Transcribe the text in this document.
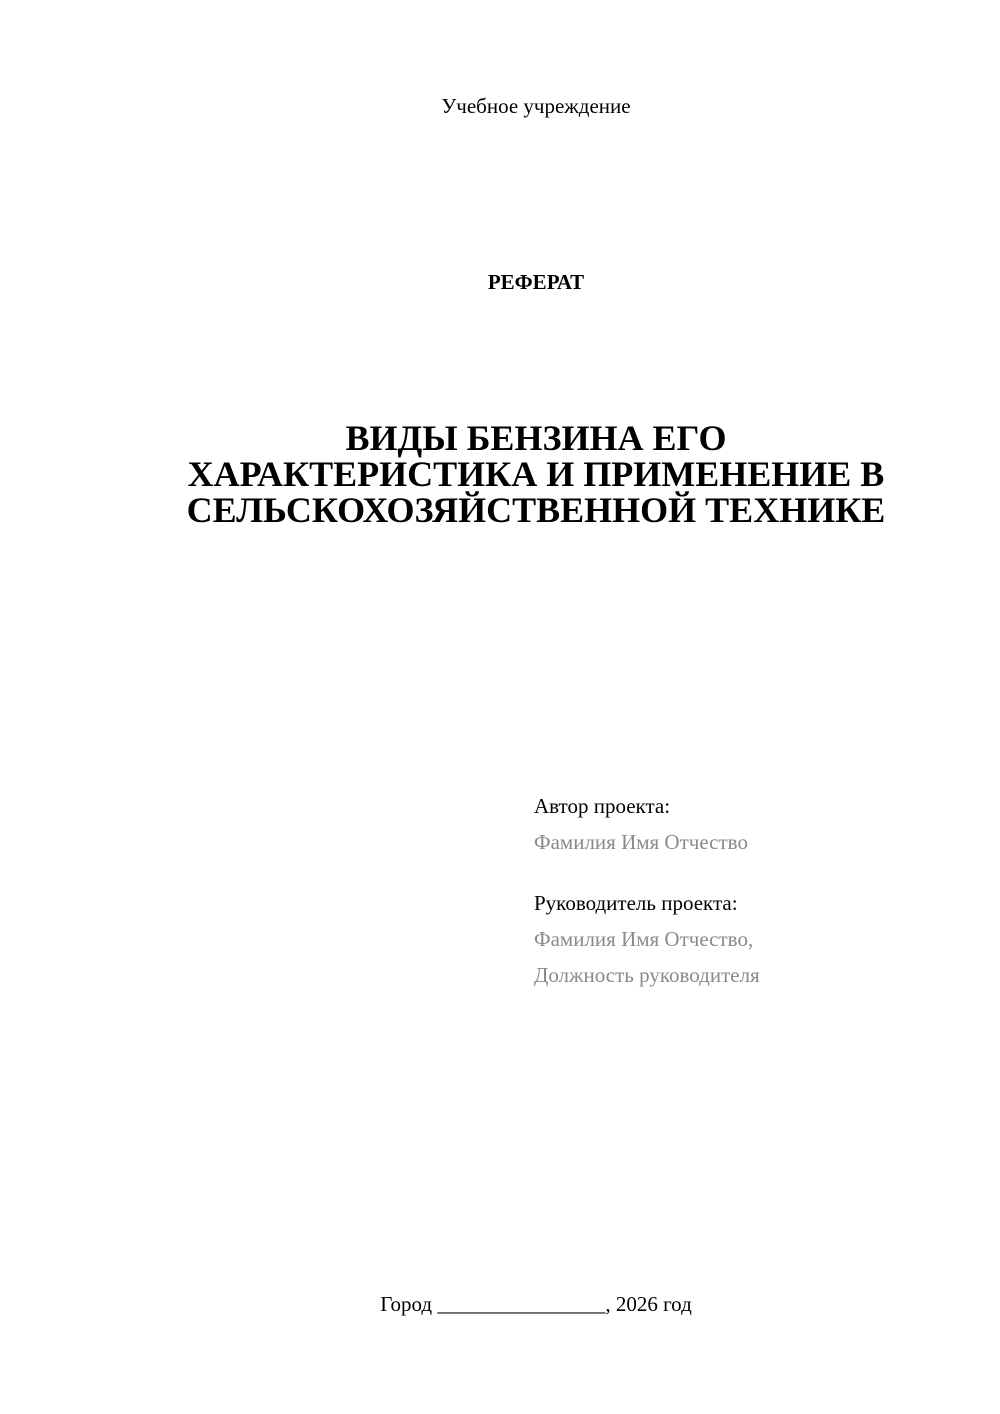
Учебное учреждение
РЕФЕРАТ
ВИДЫ БЕНЗИНА ЕГО
ХАРАКТЕРИСТИКА И ПРИМЕНЕНИЕ В
СЕЛЬСКОХОЗЯЙСТВЕННОЙ ТЕХНИКЕ
Автор проекта:
Фамилия Имя Отчество
Руководитель проекта:
Фамилия Имя Отчество,
Должность руководителя
Город ________________, 2026 год
